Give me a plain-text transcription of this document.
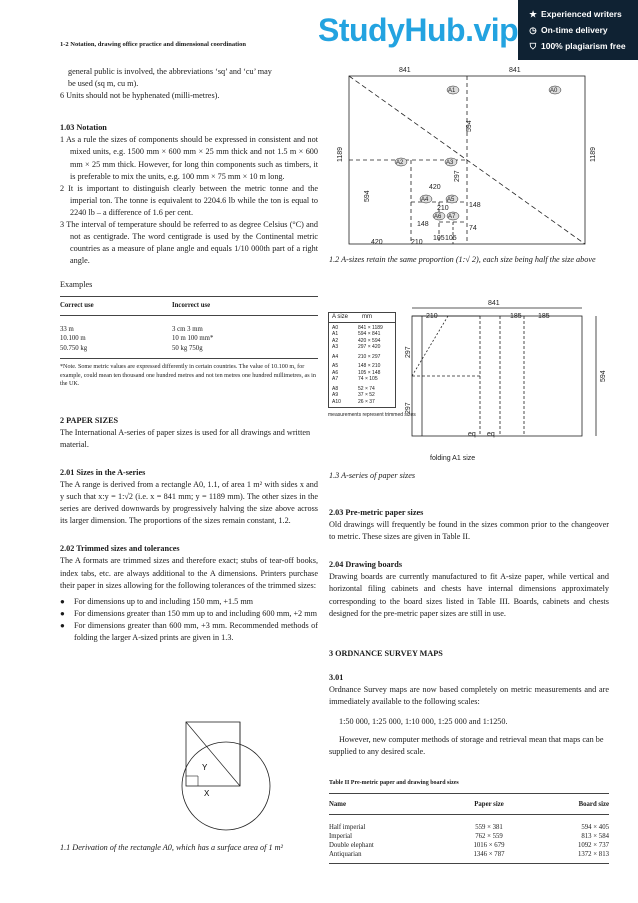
1-2 Notation, drawing office practice and dimensional coordination StudyHub.vip ★ Experienced writers
◷ On-time delivery
⛉ 100% plagiarism free

general public is involved, the abbreviations ‘sq’ and ‘cu’ may

be used (sq m, cu m).

6 Units should not be hyphenated (milli-metres).

1.03 Notation

1 As a rule the sizes of components should be expressed in consistent and not mixed units, e.g. 1500 mm × 600 mm × 25 mm thick and not 1.5 m × 600 mm × 25 mm thick. However, for long thin components such as timbers, it is preferable to mix the units, e.g. 100 mm × 75 mm × 10 m long.

2 It is important to distinguish clearly between the metric tonne and the imperial ton. The tonne is equivalent to 2204.6 lb while the ton is equal to 2240 lb – a difference of 1.6 per cent.

3 The interval of temperature should be referred to as degree Celsius (°C) and not as centigrade. The word centigrade is used by the Continental metric countries as a measure of plane angle and equals 1/10 000th part of a right angle.

Examples

Correct use	Incorrect use
33 m	3 cm 3 mm
10.100 m	10 m 100 mm*
50.750 kg	50 kg 750g

*Note. Some metric values are expressed differently in certain countries. The value of 10.100 m, for example, could mean ten thousand one hundred metres and not ten metres one hundred millimetres, as in the UK.

2 PAPER SIZES

The International A-series of paper sizes is used for all drawings and written material.

2.01 Sizes in the A-series

The A range is derived from a rectangle A0, 1.1, of area 1 m² with sides x and y such that x:y = 1:√2 (i.e. x = 841 mm; y = 1189 mm). The other sizes in the series are derived downwards by progressively halving the size above across its larger dimension. The proportions of the sizes remain constant, 1.2.

2.02 Trimmed sizes and tolerances

The A formats are trimmed sizes and therefore exact; stubs of tear-off books, index tabs, etc. are always additional to the A dimensions. Printers purchase their paper in sizes allowing for the following tolerances of the trimmed sizes:

● For dimensions up to and including 150 mm, +1.5 mm

● For dimensions greater than 150 mm up to and including 600 mm, +2 mm

● For dimensions greater than 600 mm, +3 mm. Recommended methods of folding the larger A-sized prints are given in 1.3.

Y
X
1.1 Derivation of the rectangle A0, which has a surface area of 1 m²
841	841
1189	1189
594
594
297
420
210
148
148
74
420	210
105 105
A1	A0
A2	A3
A4	A5
A6 A7
1.2 A-sizes retain the same proportion (1:√ 2), each size being half the size above
A size	mm
A0	841 × 1189
A1	594 × 841
A2	420 × 594
A3	297 × 420
A4	210 × 297
A5	148 × 210
A6	105 × 148
A7	74 × 105
A8	52 × 74
A9	37 × 52
A10	26 × 37
measurements represent trimmed sizes
841
210	185 185
297
297
594
eq eq
folding A1 size
1.3 A-series of paper sizes

2.03 Pre-metric paper sizes

Old drawings will frequently be found in the sizes common prior to the changeover to metric. These sizes are given in Table II.

2.04 Drawing boards

Drawing boards are currently manufactured to fit A-size paper, while vertical and horizontal filing cabinets and chests have internal dimensions approximately corresponding to the board sizes listed in Table III. Boards, cabinets and chests designed for the pre-metric paper sizes are still in use.

3 ORDNANCE SURVEY MAPS

3.01

Ordnance Survey maps are now based completely on metric measurements and are immediately available to the following scales:

1:50 000, 1:25 000, 1:10 000, 1:25 000 and 1:1250.

However, new computer methods of storage and retrieval mean that maps can be supplied to any desired scale.

Table II Pre-metric paper and drawing board sizes
Name	Paper size	Board size
Half imperial	559 × 381	594 × 405
Imperial	762 × 559	813 × 584
Double elephant	1016 × 679	1092 × 737
Antiquarian	1346 × 787	1372 × 813
